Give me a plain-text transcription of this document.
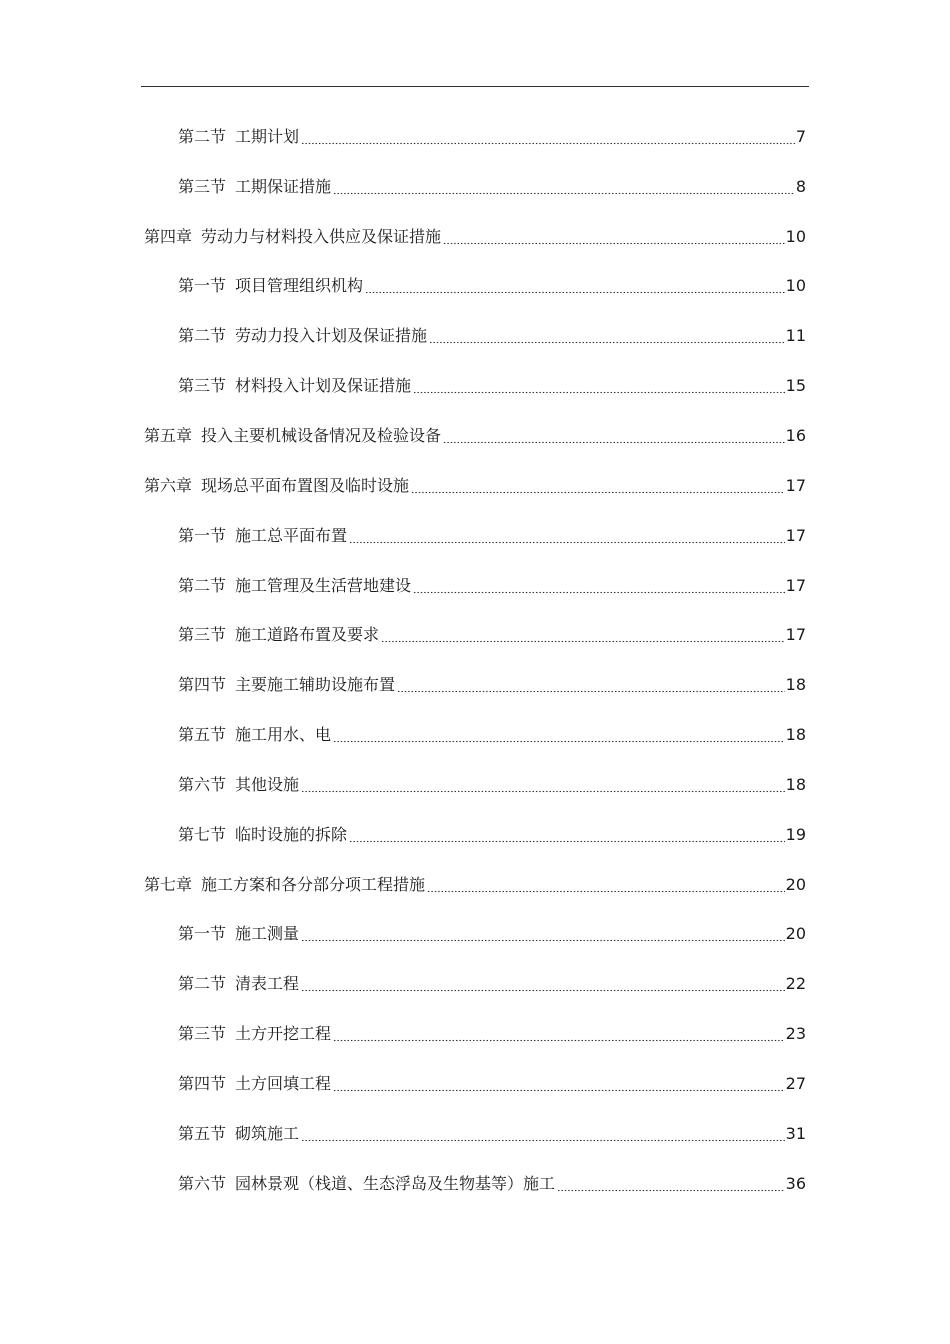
第二节 工期计划	7
第三节 工期保证措施	8
第四章 劳动力与材料投入供应及保证措施	10
第一节 项目管理组织机构	10
第二节 劳动力投入计划及保证措施	11
第三节 材料投入计划及保证措施	15
第五章 投入主要机械设备情况及检验设备	16
第六章 现场总平面布置图及临时设施	17
第一节 施工总平面布置	17
第二节 施工管理及生活营地建设	17
第三节 施工道路布置及要求	17
第四节 主要施工辅助设施布置	18
第五节 施工用水、电	18
第六节 其他设施	18
第七节 临时设施的拆除	19
第七章 施工方案和各分部分项工程措施	20
第一节 施工测量	20
第二节 清表工程	22
第三节 土方开挖工程	23
第四节 土方回填工程	27
第五节 砌筑施工	31
第六节 园林景观（栈道、生态浮岛及生物基等）施工	36
